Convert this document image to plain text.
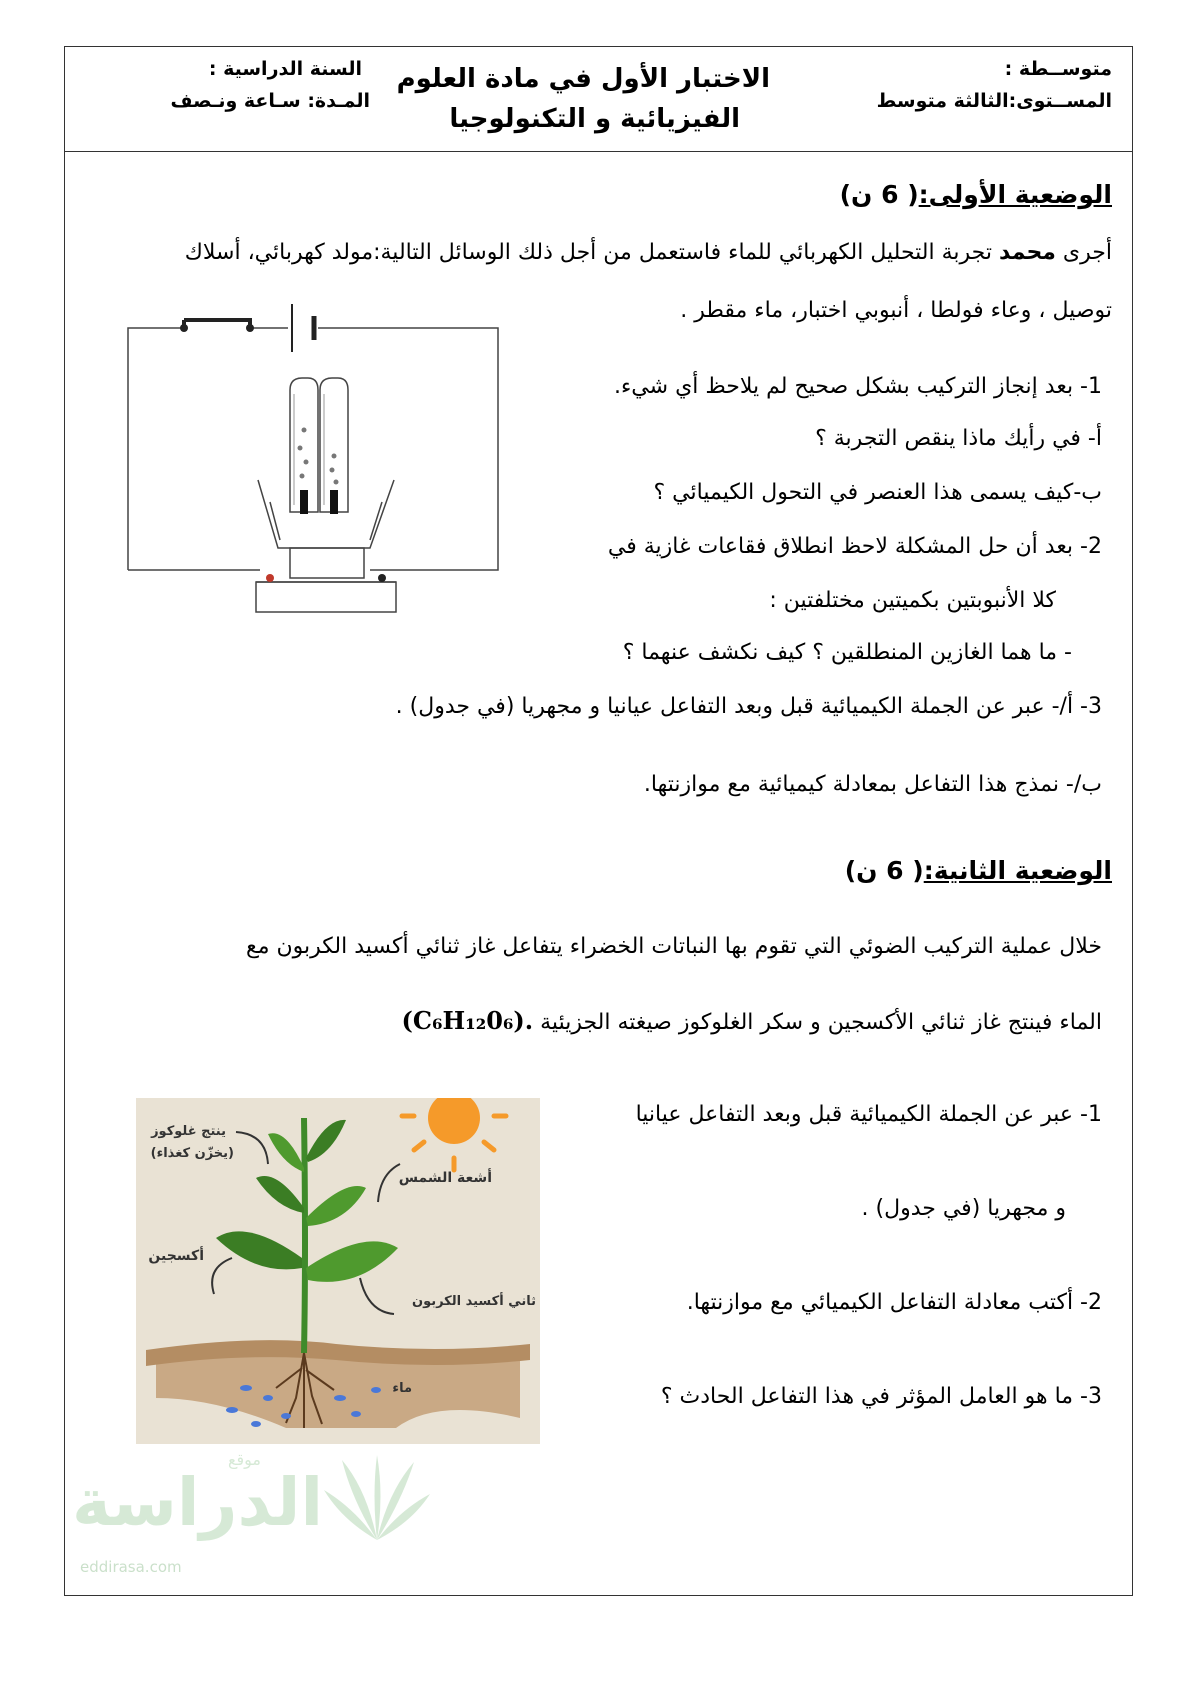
متوســطة :
المســتوى:الثالثة متوسط
الاختبار الأول في مادة العلوم
الفيزيائية و التكنولوجيا
السنة الدراسية :
المـدة: سـاعة ونـصف
الوضعية الأولى:( 6 ن)
أجرى محمد تجربة التحليل الكهربائي للماء فاستعمل من أجل ذلك الوسائل التالية:مولد كهربائي، أسلاك
توصيل ، وعاء فولطا ، أنبوبي اختبار، ماء مقطر .
1- بعد إنجاز التركيب بشكل صحيح لم يلاحظ أي شيء.
أ- في رأيك ماذا ينقص التجربة ؟
ب-كيف يسمى هذا العنصر في التحول الكيميائي ؟
2- بعد أن حل المشكلة لاحظ انطلاق فقاعات غازية في
كلا الأنبوبتين بكميتين مختلفتين :
- ما هما الغازين المنطلقين ؟ كيف نكشف عنهما ؟
3- أ/- عبر عن الجملة الكيميائية قبل وبعد التفاعل عيانيا و مجهريا (في جدول) .
ب/- نمذج هذا التفاعل بمعادلة كيميائية مع موازنتها.
الوضعية الثانية:( 6 ن)
خلال عملية التركيب الضوئي التي تقوم بها النباتات الخضراء يتفاعل غاز ثنائي أكسيد الكربون مع
الماء فينتج غاز ثنائي الأكسجين و سكر الغلوكوز صيغته الجزيئية (C₆H₁₂0₆).
1- عبر عن الجملة الكيميائية قبل وبعد التفاعل عيانيا
و مجهريا (في جدول) .
2- أكتب معادلة التفاعل الكيميائي مع موازنتها.
3- ما هو العامل المؤثر في هذا التفاعل الحادث ؟
ينتج غلوكوز
(يخزّن كغذاء)
أشعة الشمس
أكسجين
ثاني أكسيد الكربون
ماء
موقع
الدراسة
eddirasa.com
